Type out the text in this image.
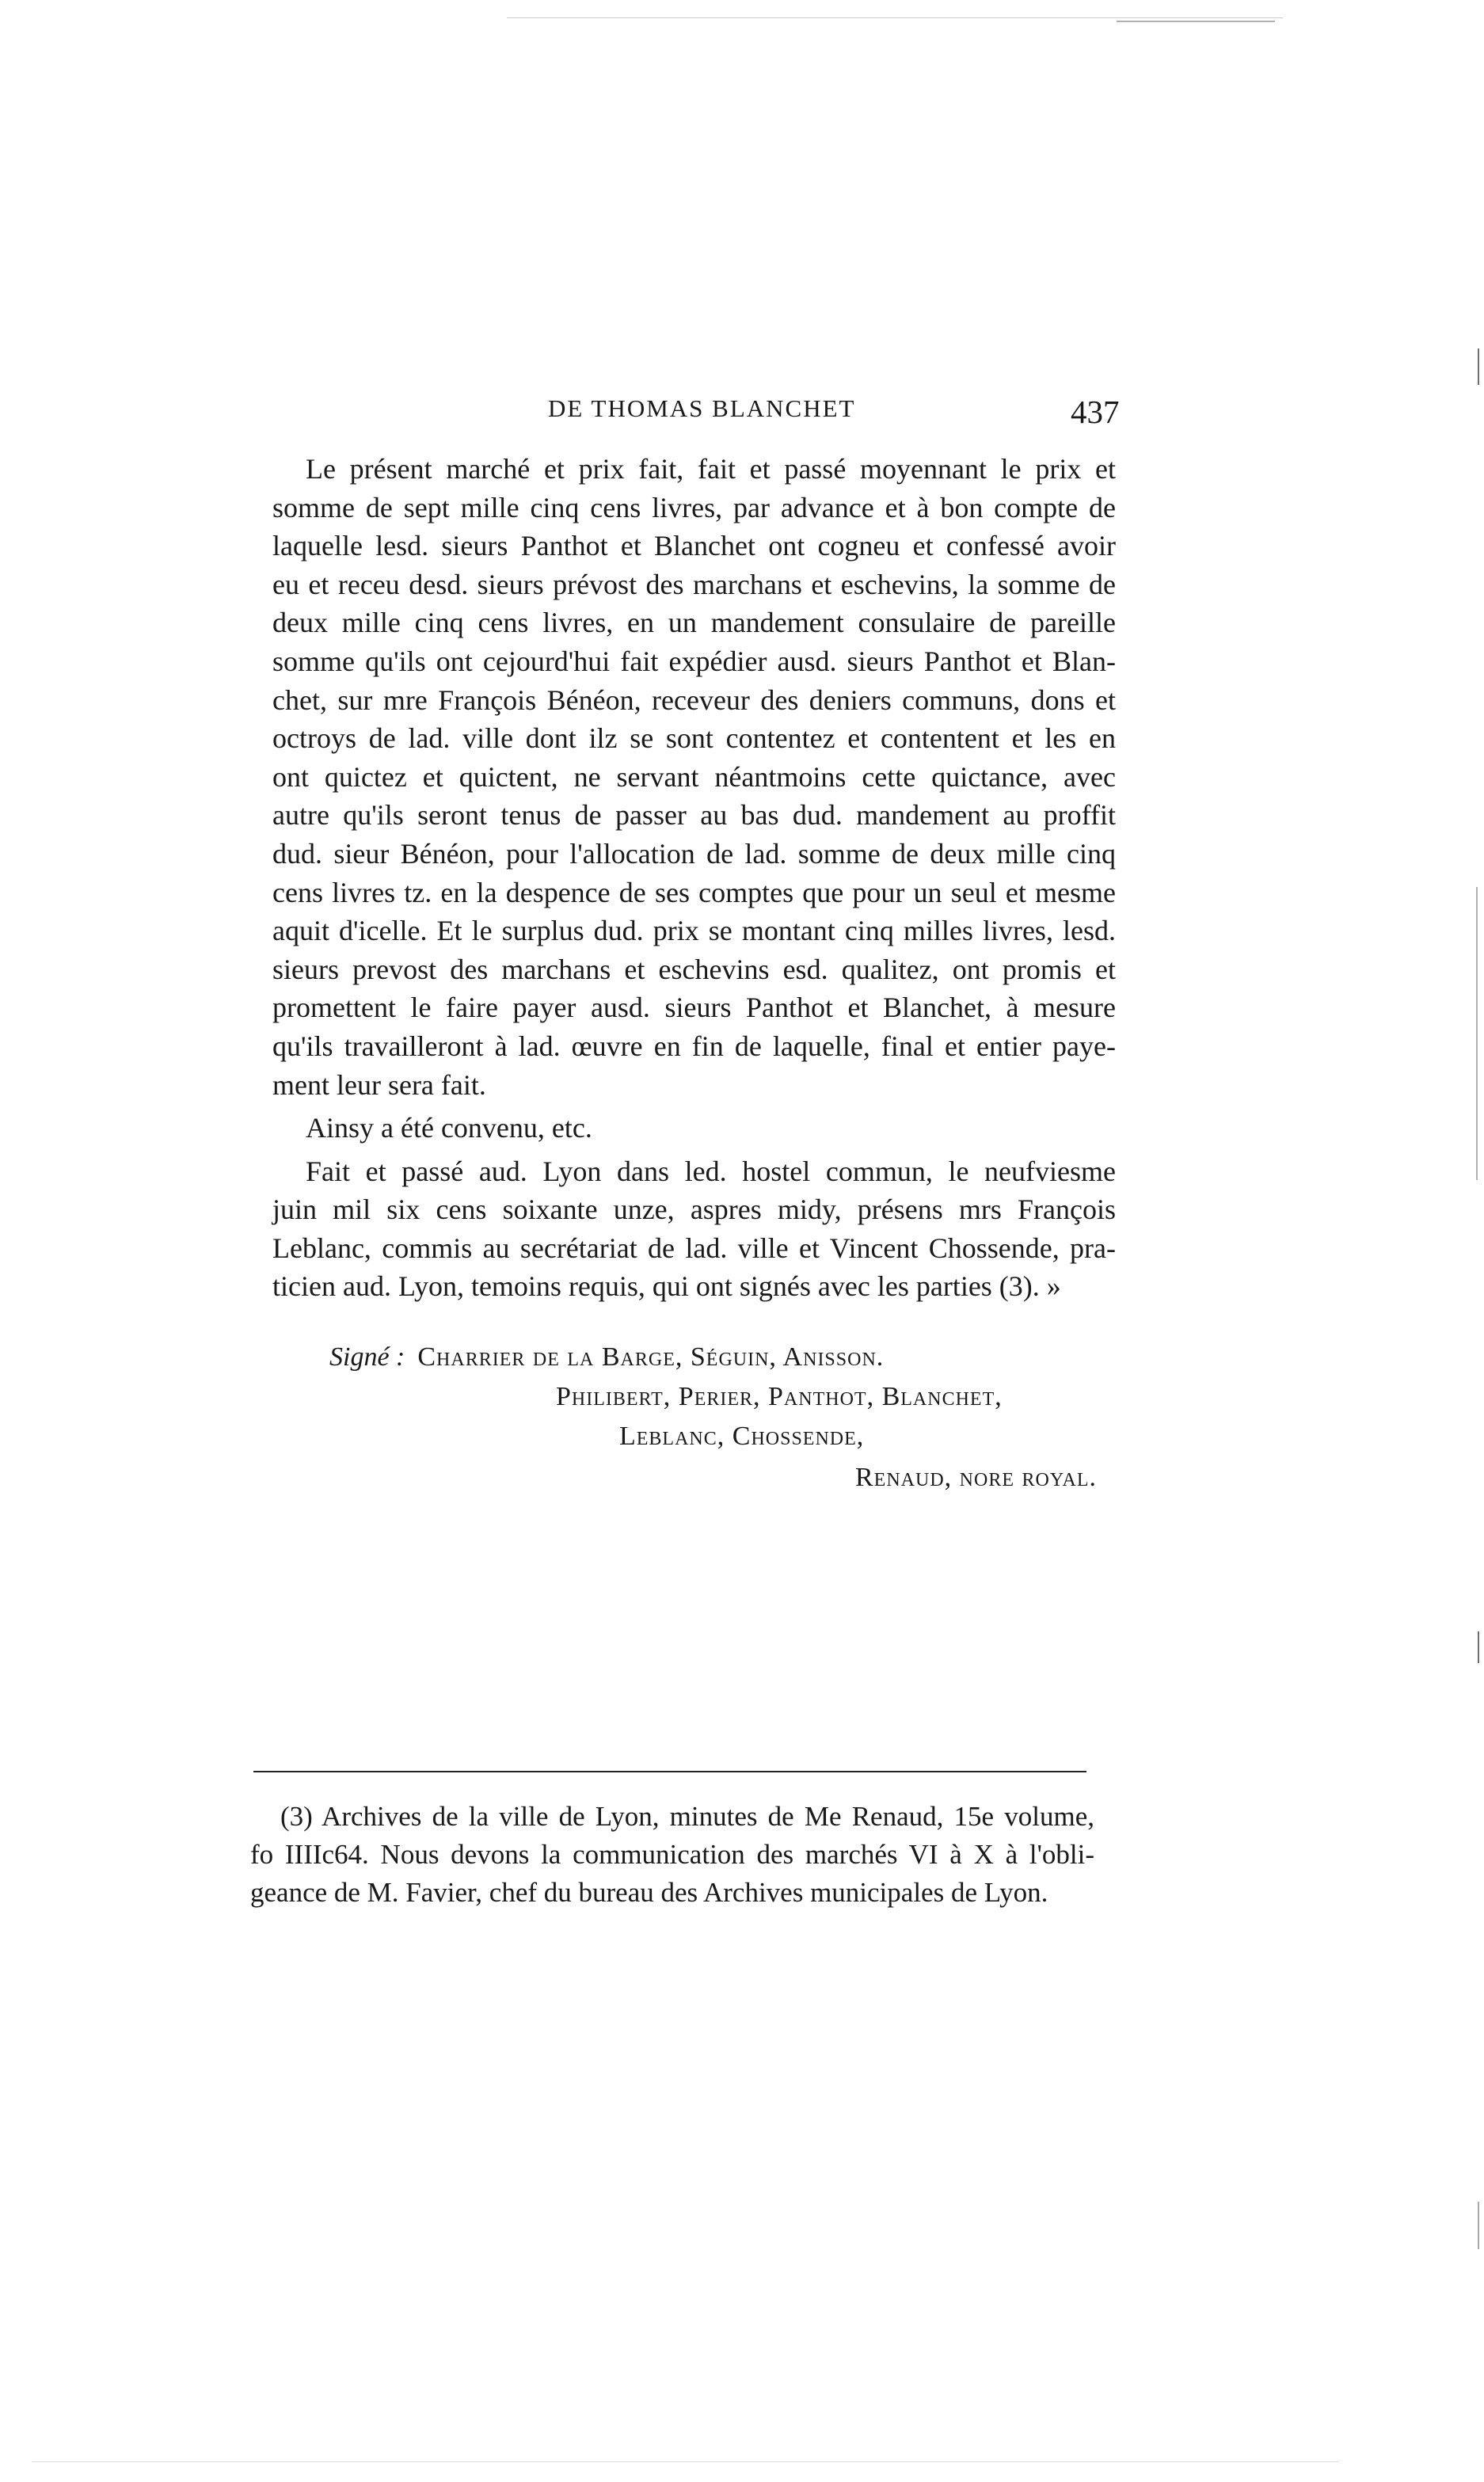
DE THOMAS BLANCHET	437

Le présent marché et prix fait, fait et passé moyennant le prix et
somme de sept mille cinq cens livres, par advance et à bon compte de
laquelle lesd. sieurs Panthot et Blanchet ont cogneu et confessé avoir
eu et receu desd. sieurs prévost des marchans et eschevins, la somme de
deux mille cinq cens livres, en un mandement consulaire de pareille
somme qu'ils ont cejourd'hui fait expédier ausd. sieurs Panthot et Blan-
chet, sur mre François Bénéon, receveur des deniers communs, dons et
octroys de lad. ville dont ilz se sont contentez et contentent et les en
ont quictez et quictent, ne servant néantmoins cette quictance, avec
autre qu'ils seront tenus de passer au bas dud. mandement au proffit
dud. sieur Bénéon, pour l'allocation de lad. somme de deux mille cinq
cens livres tz. en la despence de ses comptes que pour un seul et mesme
aquit d'icelle. Et le surplus dud. prix se montant cinq milles livres, lesd.
sieurs prevost des marchans et eschevins esd. qualitez, ont promis et
promettent le faire payer ausd. sieurs Panthot et Blanchet, à mesure
qu'ils travailleront à lad. œuvre en fin de laquelle, final et entier paye-
ment leur sera fait.

Ainsy a été convenu, etc.

Fait et passé aud. Lyon dans led. hostel commun, le neufviesme
juin mil six cens soixante unze, aspres midy, présens mrs François
Leblanc, commis au secrétariat de lad. ville et Vincent Chossende, pra-
ticien aud. Lyon, temoins requis, qui ont signés avec les parties (3). »

Signé : Charrier de la Barge, Séguin, Anisson.
Philibert, Perier, Panthot, Blanchet,
Leblanc, Chossende,
Renaud, nore royal.
(3) Archives de la ville de Lyon, minutes de Me Renaud, 15e volume,
fo IIIIc64. Nous devons la communication des marchés VI à X à l'obli-
geance de M. Favier, chef du bureau des Archives municipales de Lyon.
